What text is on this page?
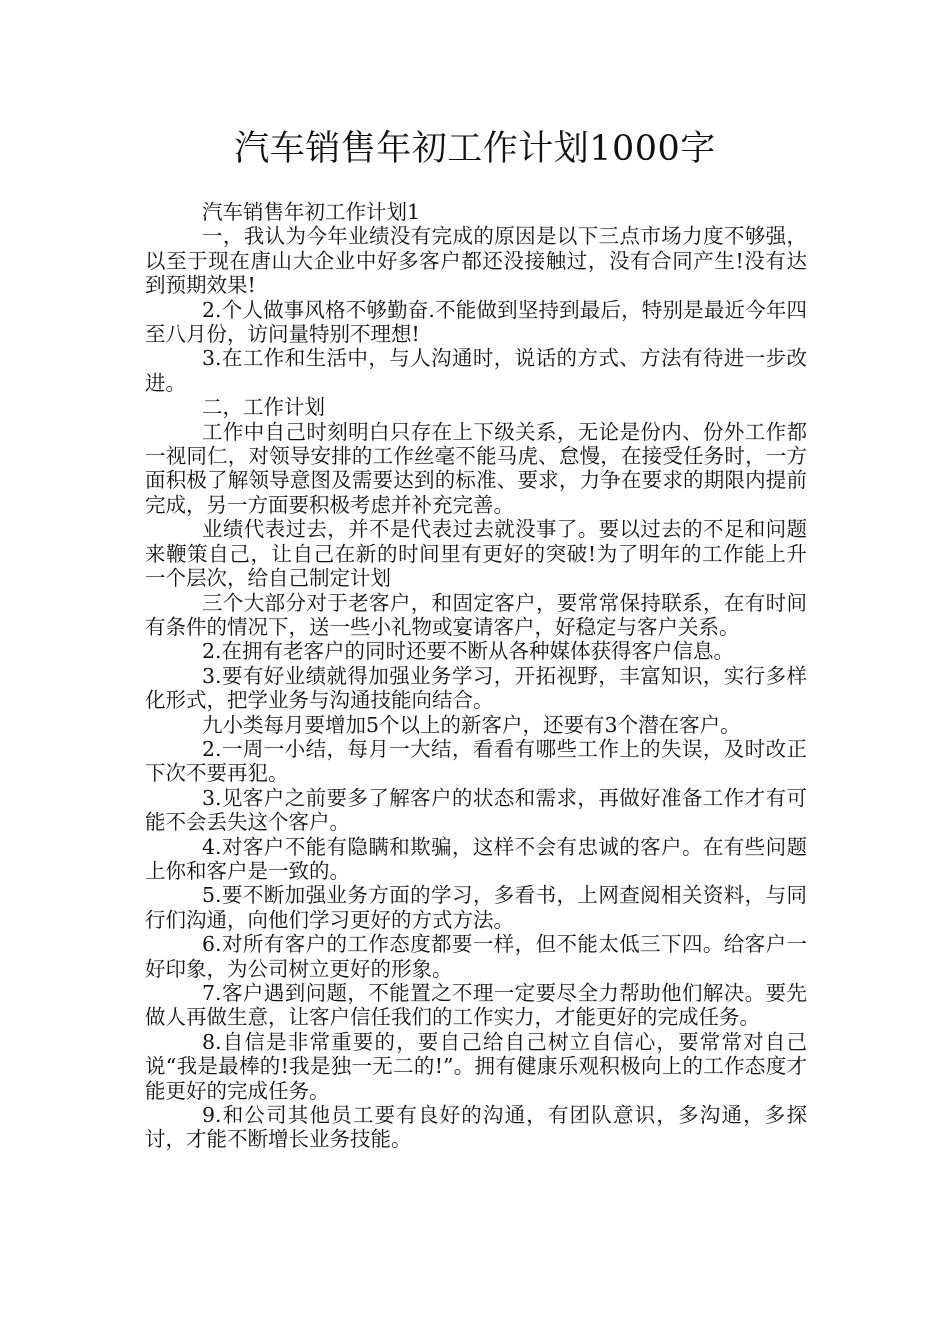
汽车销售年初工作计划1000字

汽车销售年初工作计划1

一，我认为今年业绩没有完成的原因是以下三点市场力度不够强，以至于现在唐山大企业中好多客户都还没接触过，没有合同产生!没有达到预期效果!

2.个人做事风格不够勤奋.不能做到坚持到最后，特别是最近今年四至八月份，访问量特别不理想!

3.在工作和生活中，与人沟通时，说话的方式、方法有待进一步改进。

二，工作计划

工作中自己时刻明白只存在上下级关系，无论是份内、份外工作都一视同仁，对领导安排的工作丝毫不能马虎、怠慢，在接受任务时，一方面积极了解领导意图及需要达到的标准、要求，力争在要求的期限内提前完成，另一方面要积极考虑并补充完善。

业绩代表过去，并不是代表过去就没事了。要以过去的不足和问题来鞭策自己，让自己在新的时间里有更好的突破!为了明年的工作能上升一个层次，给自己制定计划

三个大部分对于老客户，和固定客户，要常常保持联系，在有时间有条件的情况下，送一些小礼物或宴请客户，好稳定与客户关系。

2.在拥有老客户的同时还要不断从各种媒体获得客户信息。

3.要有好业绩就得加强业务学习，开拓视野，丰富知识，实行多样化形式，把学业务与沟通技能向结合。

九小类每月要增加5个以上的新客户，还要有3个潜在客户。

2.一周一小结，每月一大结，看看有哪些工作上的失误，及时改正下次不要再犯。

3.见客户之前要多了解客户的状态和需求，再做好准备工作才有可能不会丢失这个客户。

4.对客户不能有隐瞒和欺骗，这样不会有忠诚的客户。在有些问题上你和客户是一致的。

5.要不断加强业务方面的学习，多看书，上网查阅相关资料，与同行们沟通，向他们学习更好的方式方法。

6.对所有客户的工作态度都要一样，但不能太低三下四。给客户一好印象，为公司树立更好的形象。

7.客户遇到问题，不能置之不理一定要尽全力帮助他们解决。要先做人再做生意，让客户信任我们的工作实力，才能更好的完成任务。

8.自信是非常重要的，要自己给自己树立自信心，要常常对自己说“我是最棒的!我是独一无二的!”。拥有健康乐观积极向上的工作态度才能更好的完成任务。

9.和公司其他员工要有良好的沟通，有团队意识，多沟通，多探讨，才能不断增长业务技能。
